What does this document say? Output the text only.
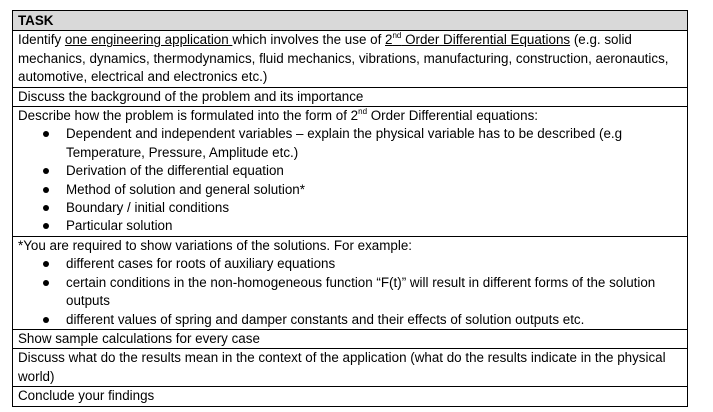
TASK
Identify one engineering application which involves the use of 2nd Order Differential Equations (e.g. solid mechanics, dynamics, thermodynamics, fluid mechanics, vibrations, manufacturing, construction, aeronautics, automotive, electrical and electronics etc.)
Discuss the background of the problem and its importance

Describe how the problem is formulated into the form of 2nd Order Differential equations:
Dependent and independent variables – explain the physical variable has to be described (e.g Temperature, Pressure, Amplitude etc.)
Derivation of the differential equation
Method of solution and general solution*
Boundary / initial conditions
Particular solution

*You are required to show variations of the solutions. For example:
different cases for roots of auxiliary equations
certain conditions in the non-homogeneous function “F(t)” will result in different forms of the solution outputs
different values of spring and damper constants and their effects of solution outputs etc.

Show sample calculations for every case
Discuss what do the results mean in the context of the application (what do the results indicate in the physical world)
Conclude your findings
